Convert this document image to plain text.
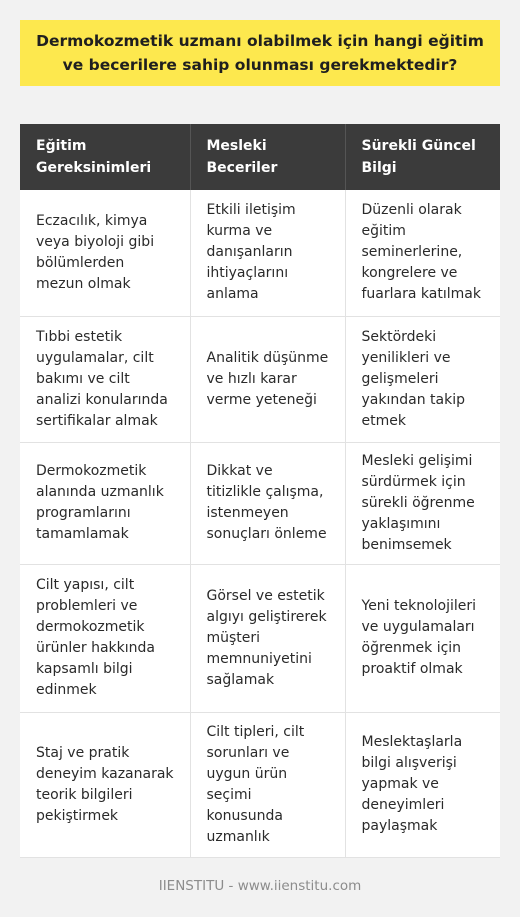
Dermokozmetik uzmanı olabilmek için hangi eğitim ve becerilere sahip olunması gerekmektedir?
Eğitim Gereksinimleri	Mesleki Beceriler	Sürekli Güncel Bilgi
Eczacılık, kimya veya biyoloji gibi bölümlerden mezun olmak	Etkili iletişim kurma ve danışanların ihtiyaçlarını anlama	Düzenli olarak eğitim seminerlerine, kongrelere ve fuarlara katılmak
Tıbbi estetik uygulamalar, cilt bakımı ve cilt analizi konularında sertifikalar almak	Analitik düşünme ve hızlı karar verme yeteneği	Sektördeki yenilikleri ve gelişmeleri yakından takip etmek
Dermokozmetik alanında uzmanlık programlarını tamamlamak	Dikkat ve titizlikle çalışma, istenmeyen sonuçları önleme	Mesleki gelişimi sürdürmek için sürekli öğrenme yaklaşımını benimsemek
Cilt yapısı, cilt problemleri ve dermokozmetik ürünler hakkında kapsamlı bilgi edinmek	Görsel ve estetik algıyı geliştirerek müşteri memnuniyetini sağlamak	Yeni teknolojileri ve uygulamaları öğrenmek için proaktif olmak
Staj ve pratik deneyim kazanarak teorik bilgileri pekiştirmek	Cilt tipleri, cilt sorunları ve uygun ürün seçimi konusunda uzmanlık	Meslektaşlarla bilgi alışverişi yapmak ve deneyimleri paylaşmak
IIENSTITU - www.iienstitu.com
